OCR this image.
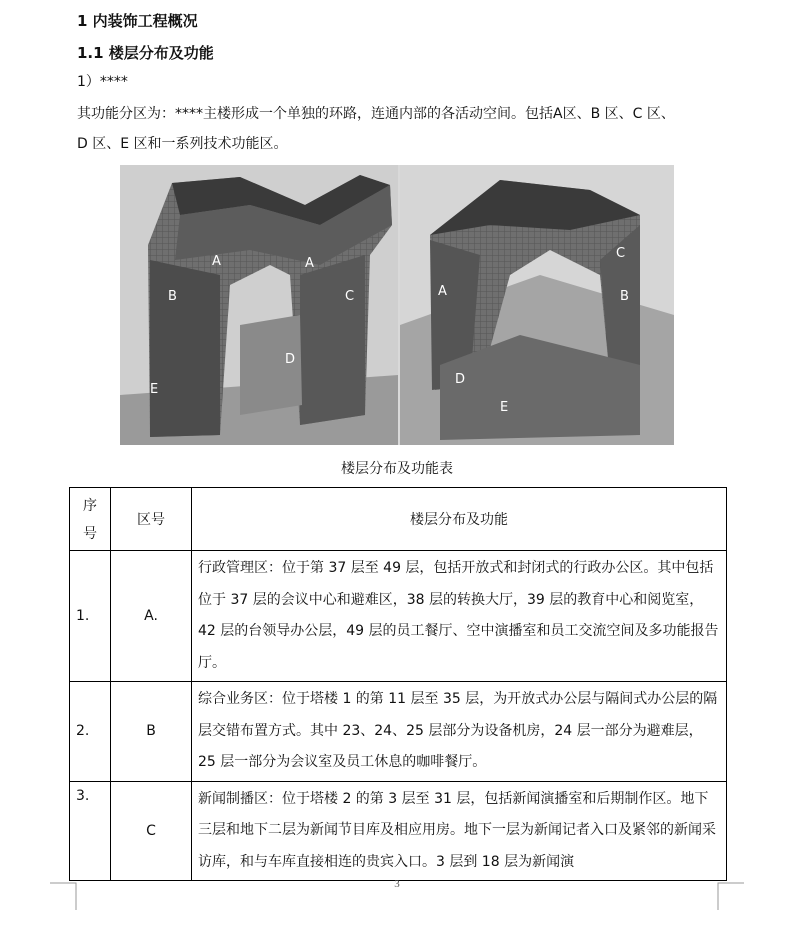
1 内装饰工程概况
1.1 楼层分布及功能
1）****
其功能分区为：****主楼形成一个单独的环路，连通内部的各活动空间。包括A区、B 区、C 区、
D 区、E 区和一系列技术功能区。
A	A
B	C
D
E
A
C
B
D
E
楼层分布及功能表
序
号	区号	楼层分布及功能
1.	A.	行政管理区：位于第 37 层至 49 层，包括开放式和封闭式的行政办公区。其中包括位于 37 层的会议中心和避难区，38 层的转换大厅，39 层的教育中心和阅览室，42 层的台领导办公层，49 层的员工餐厅、空中演播室和员工交流空间及多功能报告厅。
2.	B	综合业务区：位于塔楼 1 的第 11 层至 35 层，为开放式办公层与隔间式办公层的隔层交错布置方式。其中 23、24、25 层部分为设备机房，24 层一部分为避难层，25 层一部分为会议室及员工休息的咖啡餐厅。
3.	C	新闻制播区：位于塔楼 2 的第 3 层至 31 层，包括新闻演播室和后期制作区。地下三层和地下二层为新闻节目库及相应用房。地下一层为新闻记者入口及紧邻的新闻采访库，和与车库直接相连的贵宾入口。3 层到 18 层为新闻演
3
